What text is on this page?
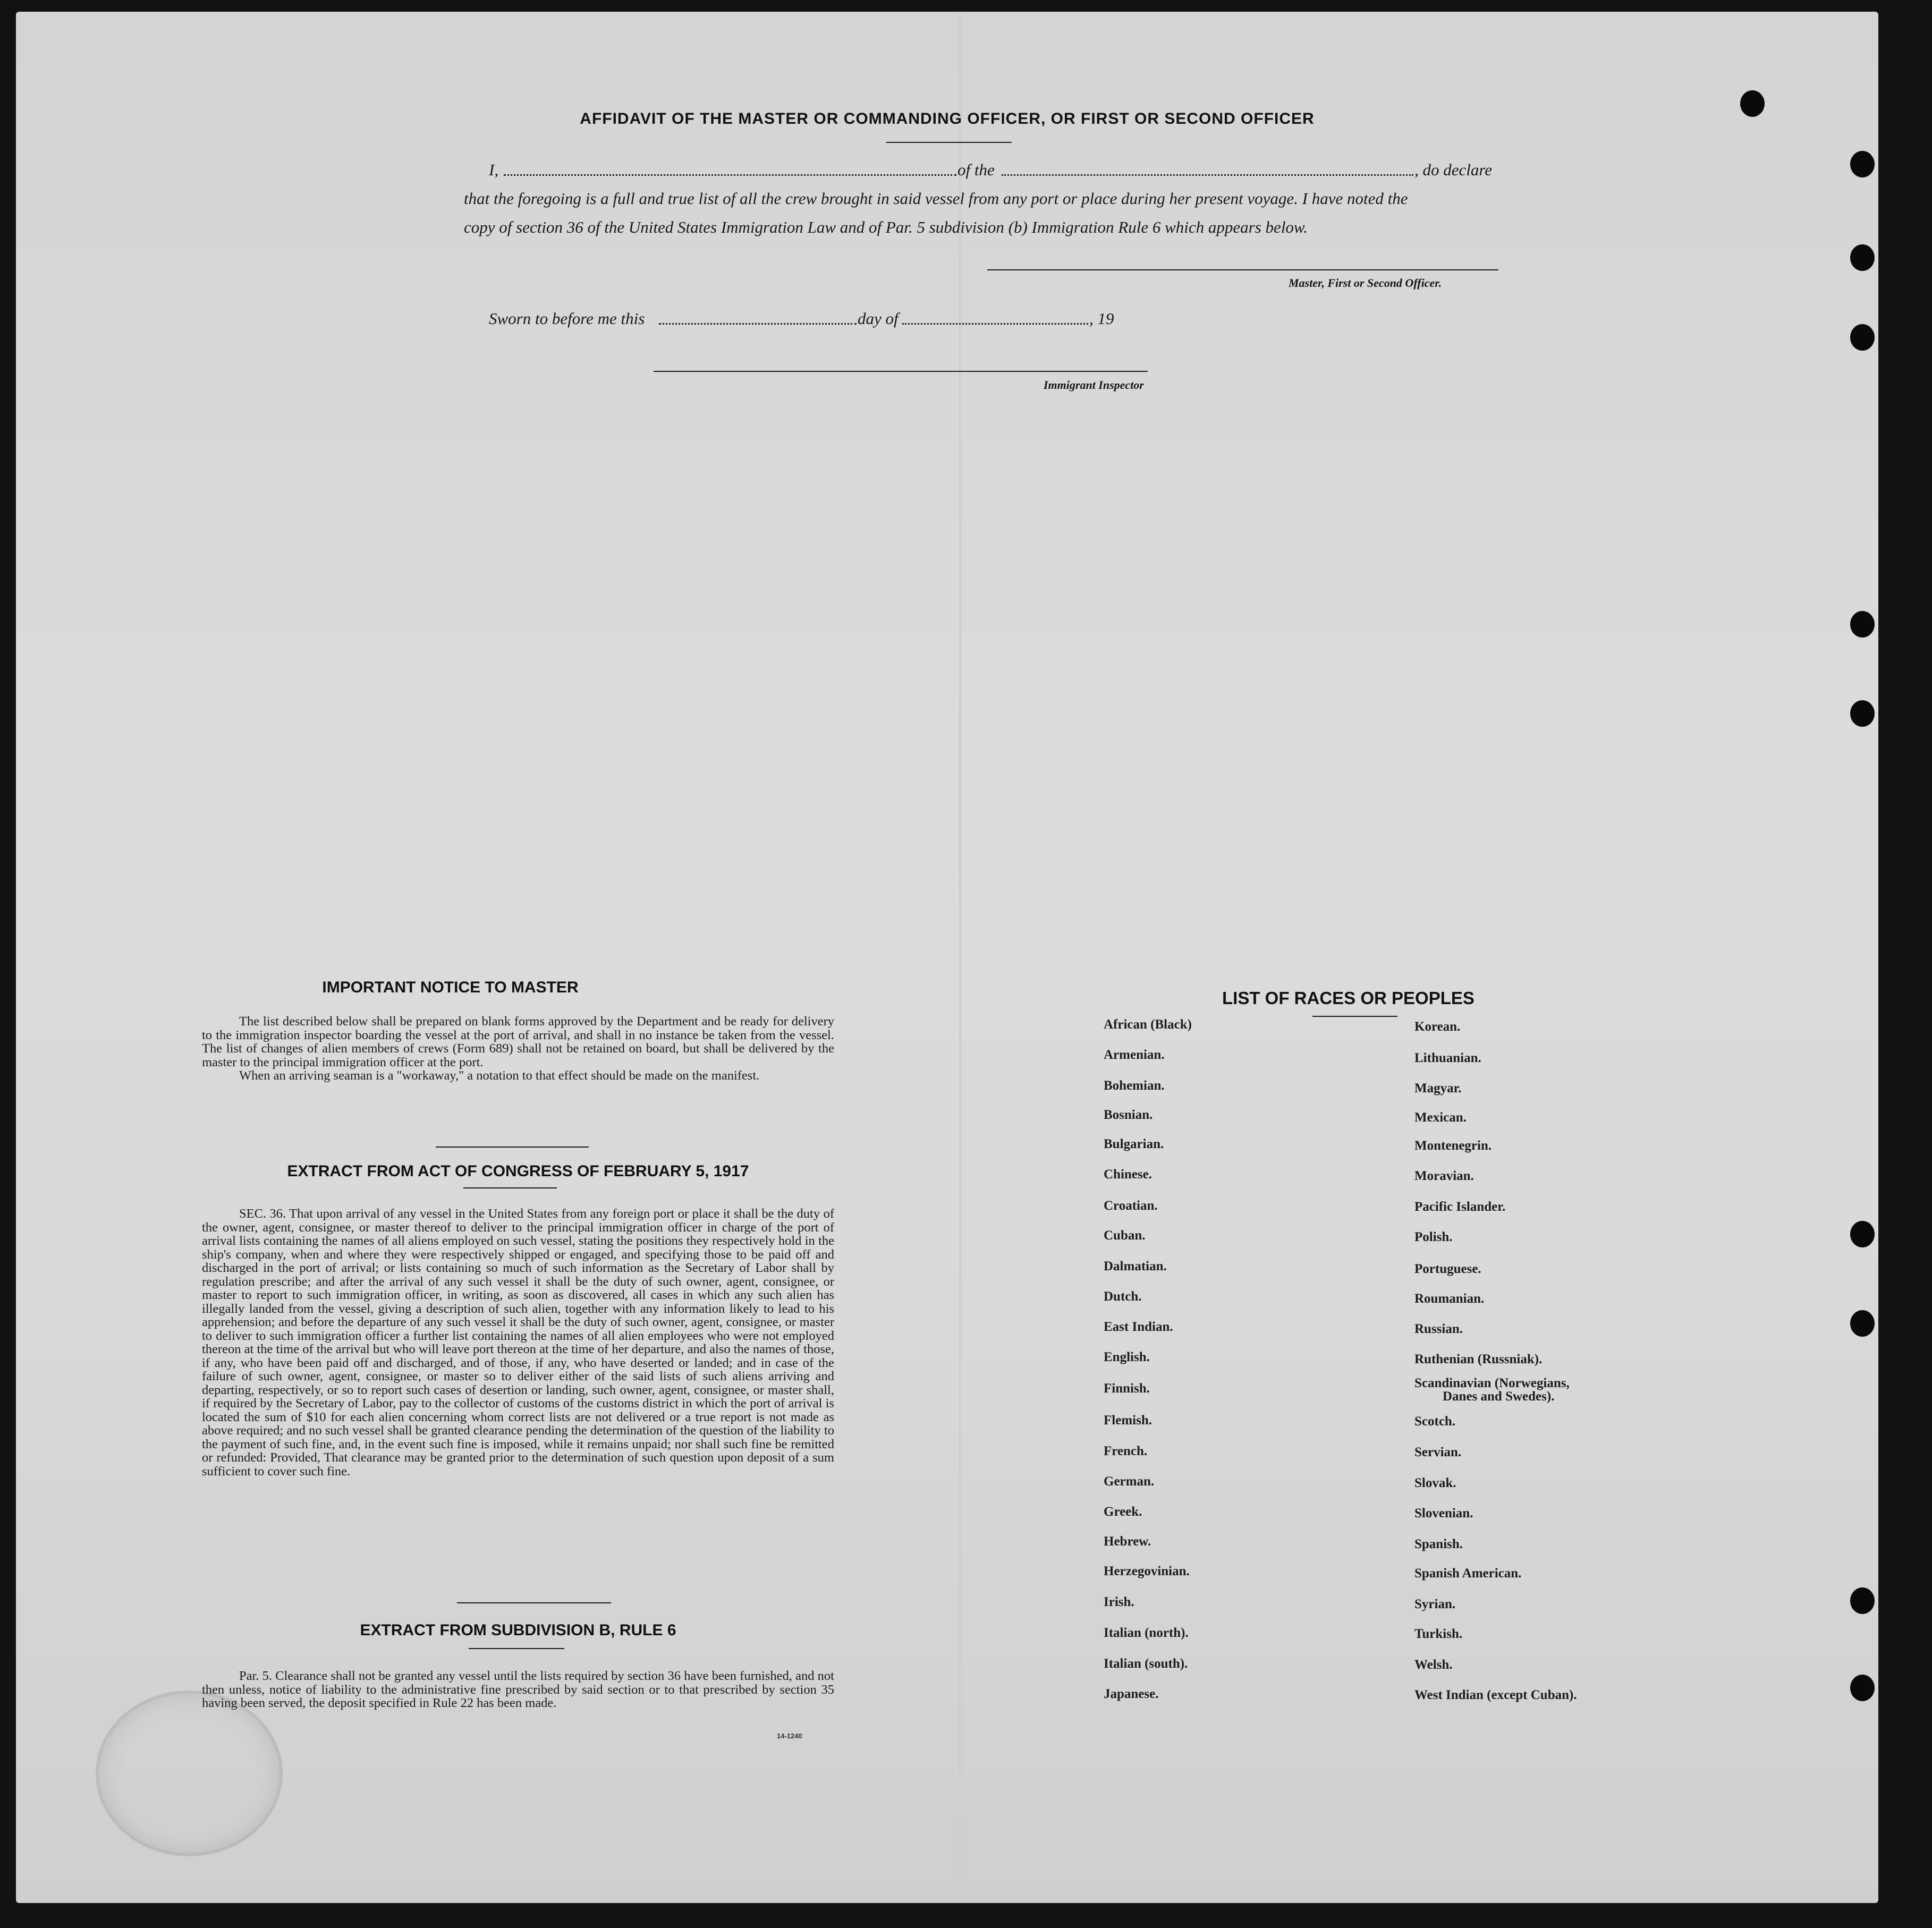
AFFIDAVIT OF THE MASTER OR COMMANDING OFFICER, OR FIRST OR SECOND OFFICER
I,	of the	, do declare
that the foregoing is a full and true list of all the crew brought in said vessel from any port or place during her present voyage. I have noted the
copy of section 36 of the United States Immigration Law and of Par. 5 subdivision (b) Immigration Rule 6 which appears below.
Master, First or Second Officer.
Sworn to before me this	day of	, 19
Immigrant Inspector
IMPORTANT NOTICE TO MASTER

The list described below shall be prepared on blank forms approved by the Department and be ready for delivery to the immigration inspector boarding the vessel at the port of arrival, and shall in no instance be taken from the vessel. The list of changes of alien members of crews (Form 689) shall not be retained on board, but shall be delivered by the master to the principal immigration officer at the port.

When an arriving seaman is a "workaway," a notation to that effect should be made on the manifest.

EXTRACT FROM ACT OF CONGRESS OF FEBRUARY 5, 1917

SEC. 36. That upon arrival of any vessel in the United States from any foreign port or place it shall be the duty of the owner, agent, consignee, or master thereof to deliver to the principal immigration officer in charge of the port of arrival lists containing the names of all aliens employed on such vessel, stating the positions they respectively hold in the ship's company, when and where they were respectively shipped or engaged, and specifying those to be paid off and discharged in the port of arrival; or lists containing so much of such information as the Secretary of Labor shall by regulation prescribe; and after the arrival of any such vessel it shall be the duty of such owner, agent, consignee, or master to report to such immigration officer, in writing, as soon as discovered, all cases in which any such alien has illegally landed from the vessel, giving a description of such alien, together with any information likely to lead to his apprehension; and before the departure of any such vessel it shall be the duty of such owner, agent, consignee, or master to deliver to such immigration officer a further list containing the names of all alien employees who were not employed thereon at the time of the arrival but who will leave port thereon at the time of her departure, and also the names of those, if any, who have been paid off and discharged, and of those, if any, who have deserted or landed; and in case of the failure of such owner, agent, consignee, or master so to deliver either of the said lists of such aliens arriving and departing, respectively, or so to report such cases of desertion or landing, such owner, agent, consignee, or master shall, if required by the Secretary of Labor, pay to the collector of customs of the customs district in which the port of arrival is located the sum of $10 for each alien concerning whom correct lists are not delivered or a true report is not made as above required; and no such vessel shall be granted clearance pending the determination of the question of the liability to the payment of such fine, and, in the event such fine is imposed, while it remains unpaid; nor shall such fine be remitted or refunded: Provided, That clearance may be granted prior to the determination of such question upon deposit of a sum sufficient to cover such fine.

EXTRACT FROM SUBDIVISION B, RULE 6

Par. 5. Clearance shall not be granted any vessel until the lists required by section 36 have been furnished, and not then unless, notice of liability to the administrative fine prescribed by said section or to that prescribed by section 35 having been served, the deposit specified in Rule 22 has been made.

14-1240
LIST OF RACES OR PEOPLES
African (Black)
Armenian.
Bohemian.
Bosnian.
Bulgarian.
Chinese.
Croatian.
Cuban.
Dalmatian.
Dutch.
East Indian.
English.
Finnish.
Flemish.
French.
German.
Greek.
Hebrew.
Herzegovinian.
Irish.
Italian (north).
Italian (south).
Japanese.
Korean.
Lithuanian.
Magyar.
Mexican.
Montenegrin.
Moravian.
Pacific Islander.
Polish.
Portuguese.
Roumanian.
Russian.
Ruthenian (Russniak).
Scandinavian (Norwegians,
Danes and Swedes).
Scotch.
Servian.
Slovak.
Slovenian.
Spanish.
Spanish American.
Syrian.
Turkish.
Welsh.
West Indian (except Cuban).
